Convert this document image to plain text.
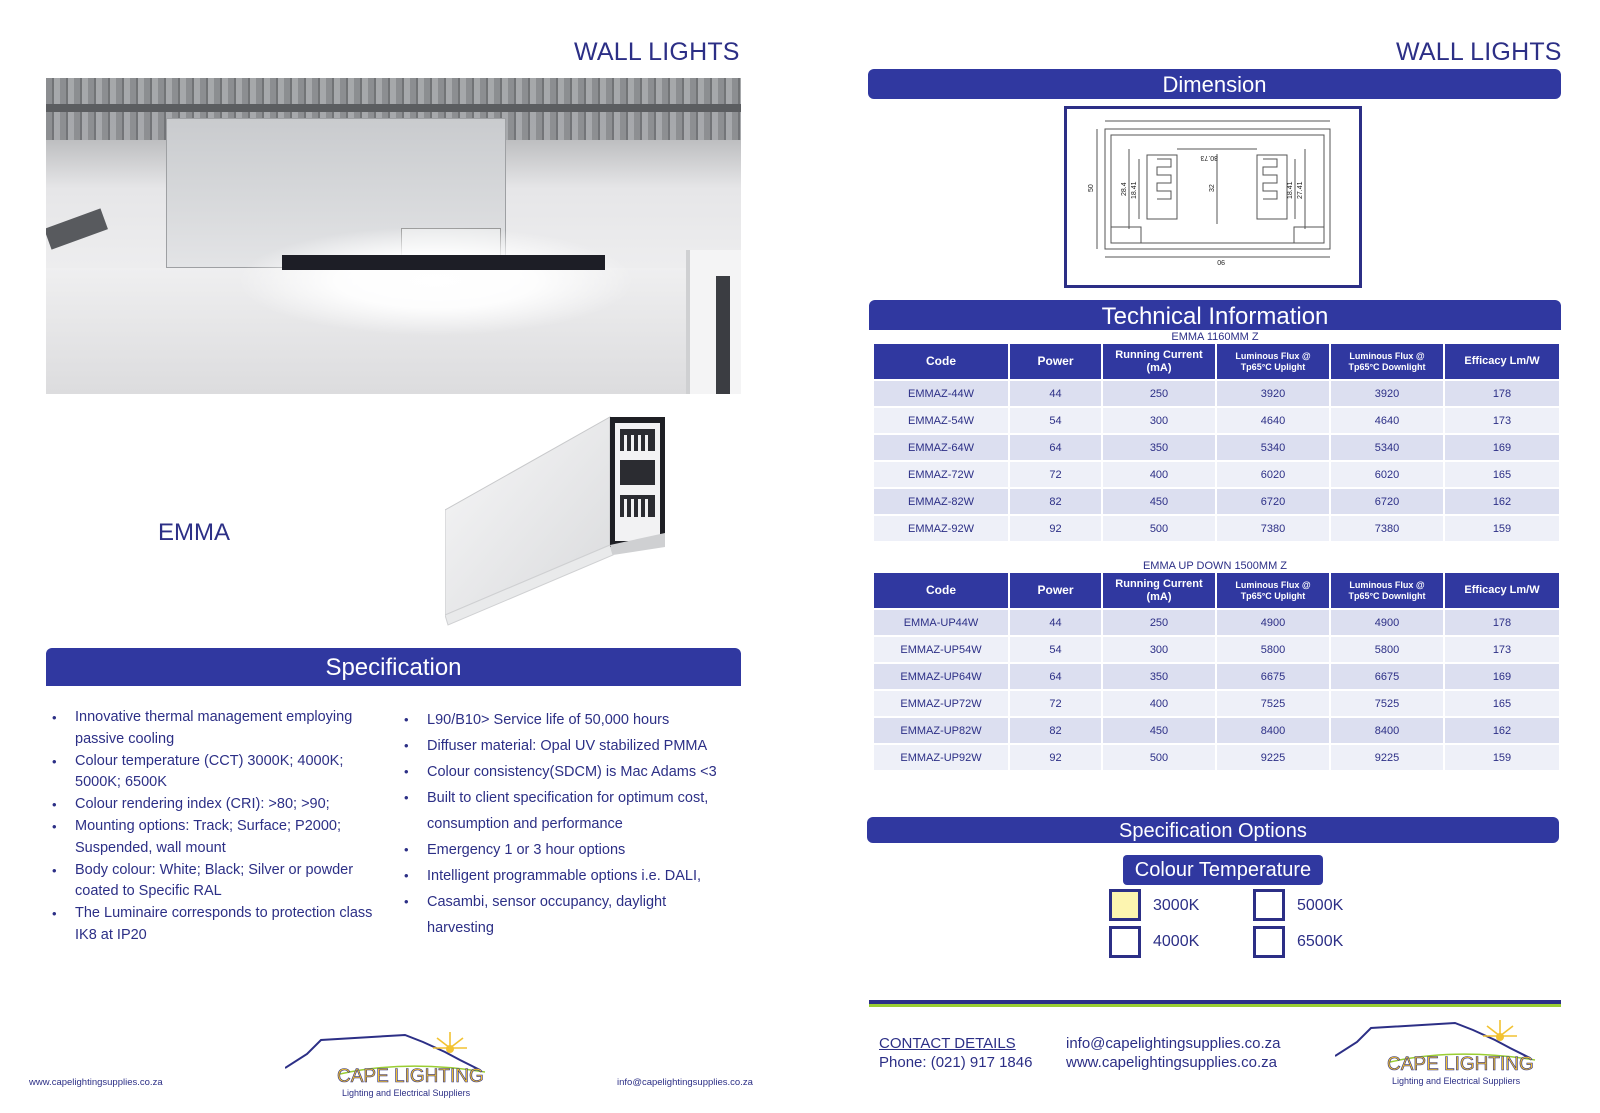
WALL LIGHTS
EMMA
Specification
• Innovative thermal management employing passive cooling
• Colour temperature (CCT) 3000K; 4000K; 5000K; 6500K
• Colour rendering index (CRI): >80; >90;
• Mounting options: Track; Surface; P2000; Suspended, wall mount
• Body colour: White; Black; Silver or powder coated to Specific RAL
• The Luminaire corresponds to protection class IK8 at IP20
• L90/B10> Service life of 50,000 hours
• Diffuser material: Opal UV stabilized PMMA
• Colour consistency(SDCM) is Mac Adams <3
• Built to client specification for optimum cost, consumption and performance
• Emergency 1 or 3 hour options
• Intelligent programmable options i.e. DALI,
• Casambi, sensor occupancy, daylight harvesting
www.capelightingsupplies.co.za	info@capelightingsupplies.co.za
CAPE LIGHTING
Lighting and Electrical Suppliers
WALL LIGHTS
Dimension
30.73
50	28.4 18.41	32	18.41 27.41
90
Technical Information
EMMA 1160MM Z
Code	Power	Running Current (mA)	Luminous Flux @ Tp65°C Uplight	Luminous Flux @ Tp65°C Downlight	Efficacy Lm/W
EMMAZ-44W	44	250	3920	3920	178
EMMAZ-54W	54	300	4640	4640	173
EMMAZ-64W	64	350	5340	5340	169
EMMAZ-72W	72	400	6020	6020	165
EMMAZ-82W	82	450	6720	6720	162
EMMAZ-92W	92	500	7380	7380	159
EMMA UP DOWN 1500MM Z
Code	Power	Running Current (mA)	Luminous Flux @ Tp65°C Uplight	Luminous Flux @ Tp65°C Downlight	Efficacy Lm/W
EMMA-UP44W	44	250	4900	4900	178
EMMAZ-UP54W	54	300	5800	5800	173
EMMAZ-UP64W	64	350	6675	6675	169
EMMAZ-UP72W	72	400	7525	7525	165
EMMAZ-UP82W	82	450	8400	8400	162
EMMAZ-UP92W	92	500	9225	9225	159
Specification Options
Colour Temperature
3000K	5000K
4000K	6500K
CONTACT DETAILS
Phone: (021) 917 1846
info@capelightingsupplies.co.za
www.capelightingsupplies.co.za	CAPE LIGHTING
Lighting and Electrical Suppliers
